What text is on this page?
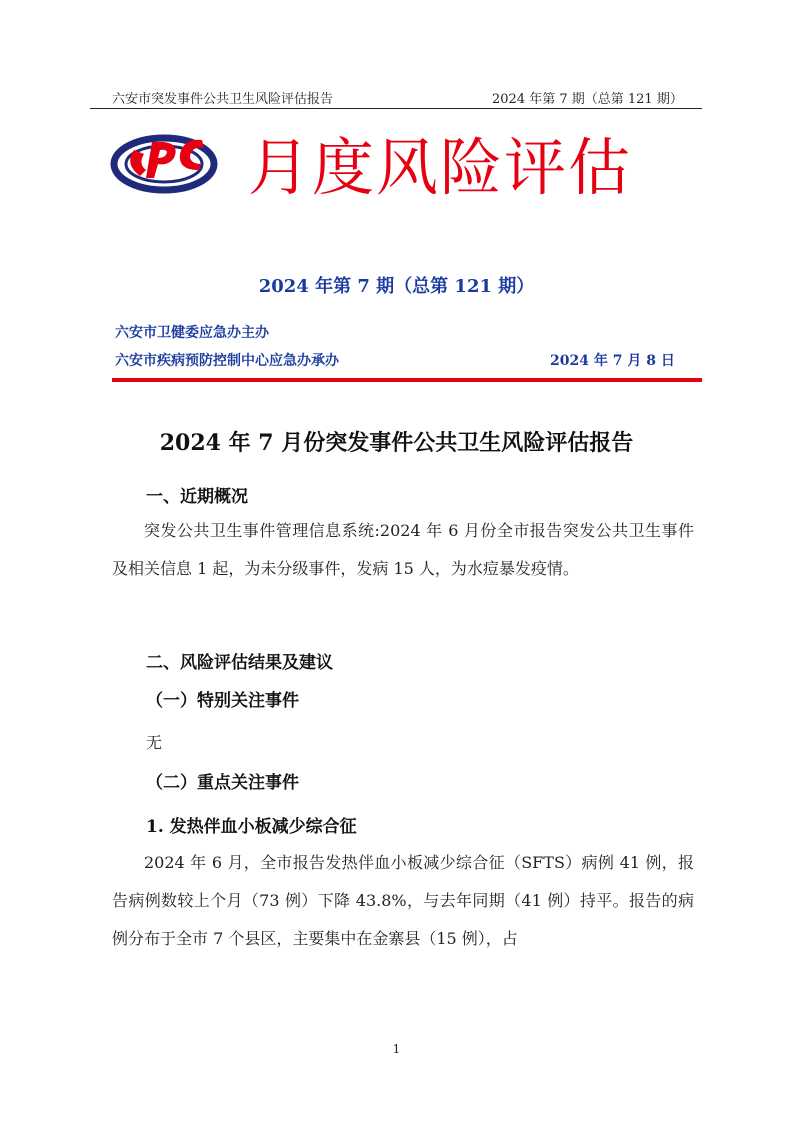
六安市突发事件公共卫生风险评估报告	2024 年第 7 期（总第 121 期）
月度风险评估
2024 年第 7 期（总第 121 期）
六安市卫健委应急办主办
六安市疾病预防控制中心应急办承办	2024 年 7 月 8 日
2024 年 7 月份突发事件公共卫生风险评估报告
一、近期概况
突发公共卫生事件管理信息系统:2024 年 6 月份全市报告突发公共卫生事件及相关信息 1 起，为未分级事件，发病 15 人，为水痘暴发疫情。
二、风险评估结果及建议
（一）特别关注事件
无
（二）重点关注事件
1. 发热伴血小板减少综合征
2024 年 6 月，全市报告发热伴血小板减少综合征（SFTS）病例 41 例，报告病例数较上个月（73 例）下降 43.8%，与去年同期（41 例）持平。报告的病例分布于全市 7 个县区，主要集中在金寨县（15 例），占
1
